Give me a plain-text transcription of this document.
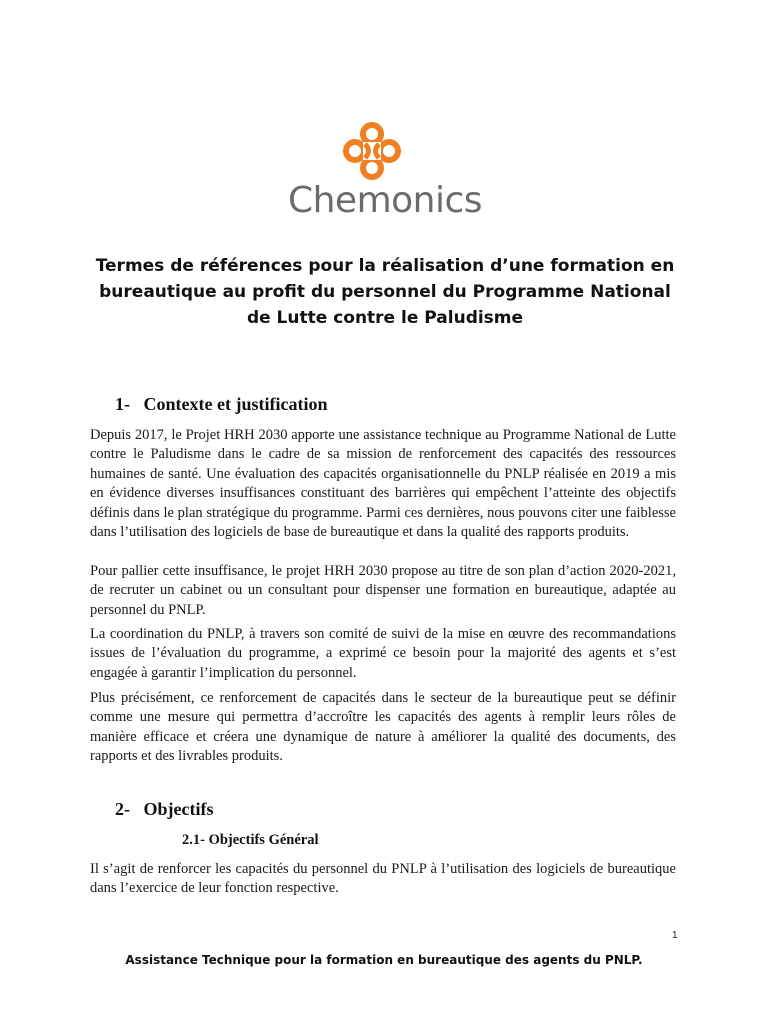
Chemonics
Termes de références pour la réalisation d’une formation en bureautique au profit du personnel du Programme National de Lutte contre le Paludisme
1- Contexte et justification

Depuis 2017, le Projet HRH 2030 apporte une assistance technique au Programme National de Lutte contre le Paludisme dans le cadre de sa mission de renforcement des capacités des ressources humaines de santé. Une évaluation des capacités organisationnelle du PNLP réalisée en 2019 a mis en évidence diverses insuffisances constituant des barrières qui empêchent l’atteinte des objectifs définis dans le plan stratégique du programme. Parmi ces dernières, nous pouvons citer une faiblesse dans l’utilisation des logiciels de base de bureautique et dans la qualité des rapports produits.

Pour pallier cette insuffisance, le projet HRH 2030 propose au titre de son plan d’action 2020-2021, de recruter un cabinet ou un consultant pour dispenser une formation en bureautique, adaptée au personnel du PNLP.

La coordination du PNLP, à travers son comité de suivi de la mise en œuvre des recommandations issues de l’évaluation du programme, a exprimé ce besoin pour la majorité des agents et s’est engagée à garantir l’implication du personnel.

Plus précisément, ce renforcement de capacités dans le secteur de la bureautique peut se définir comme une mesure qui permettra d’accroître les capacités des agents à remplir leurs rôles de manière efficace et créera une dynamique de nature à améliorer la qualité des documents, des rapports et des livrables produits.

2- Objectifs
2.1- Objectifs Général

Il s’agit de renforcer les capacités du personnel du PNLP à l’utilisation des logiciels de bureautique dans l’exercice de leur fonction respective.

1
Assistance Technique pour la formation en bureautique des agents du PNLP.
